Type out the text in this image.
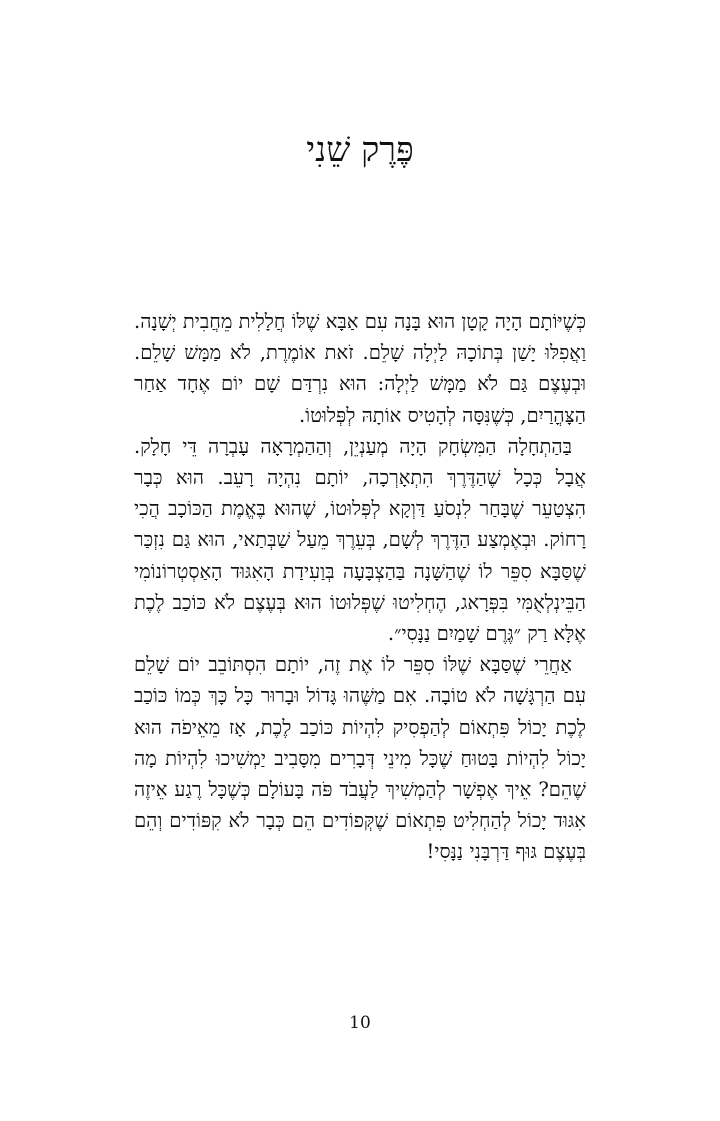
פֶּרֶק שֵׁנִי

כְּשֶׁיּוֹתָם הָיָה קָטָן הוּא בָּנָה עִם אַבָּא שֶׁלּוֹ חֲלָלִית מֵחֲבִית יְשָׁנָה. וַאֲפִלּוּ יָשַׁן בְּתוֹכָהּ לַיְלָה שָׁלֵם. זֹאת אוֹמֶרֶת, לֹא מַמָּשׁ שָׁלֵם. וּבְעֶצֶם גַּם לֹא מַמָּשׁ לַיְלָה: הוּא נִרְדַּם שָׁם יוֹם אֶחָד אַחַר הַצָּהֳרַיִם, כְּשֶׁנִּסָּה לְהָטִיס אוֹתָהּ לְפְּלוּטוֹ.

בַּהַתְחָלָה הַמִּשְׂחָק הָיָה מְעַנְיֵן, וְהַהַמְרָאָה עָבְרָה דֵּי חָלָק. אֲבָל כְּכָל שֶׁהַדֶּרֶךְ הִתְאָרְכָה, יוֹתָם נִהְיָה רָעֵב. הוּא כְּבָר הִצְטַעֵר שֶׁבָּחַר לִנְסֹעַ דַּוְקָא לְפְּלוּטוֹ, שֶׁהוּא בֶּאֱמֶת הַכּוֹכָב הֲכִי רָחוֹק. וּבְאֶמְצַע הַדֶּרֶךְ לְשָׁם, בְּעֵרֶךְ מֵעַל שַׁבְּתַאי, הוּא גַּם נִזְכַּר שֶׁסַּבָּא סִפֵּר לוֹ שֶׁהַשָּׁנָה בַּהַצְבָּעָה בְּוַעִידַת הָאִגּוּד הָאַסְטְרוֹנוֹמִי הַבֵּינְלְאֻמִּי בִּפְּרָאג, הֶחְלִיטוּ שֶׁפְּלוּטוֹ הוּא בְּעֶצֶם לֹא כּוֹכַב לֶכֶת אֶלָּא רַק ״גֶּרֶם שָׁמַיִם נַנָּסִי״.

אַחֲרֵי שֶׁסַּבָּא שֶׁלּוֹ סִפֵּר לוֹ אֶת זֶה, יוֹתָם הִסְתּוֹבֵב יוֹם שָׁלֵם עִם הַרְגָּשָׁה לֹא טוֹבָה. אִם מַשֶּׁהוּ גָּדוֹל וּבָרוּר כָּל כָּךְ כְּמוֹ כּוֹכַב לֶכֶת יָכוֹל פִּתְאוֹם לְהַפְסִיק לִהְיוֹת כּוֹכַב לֶכֶת, אָז מֵאֵיפֹה הוּא יָכוֹל לִהְיוֹת בָּטוּחַ שֶׁכָּל מִינֵי דְּבָרִים מִסָּבִיב יַמְשִׁיכוּ לִהְיוֹת מָה שֶׁהֵם? אֵיךְ אֶפְשָׁר לְהַמְשִׁיךְ לַעֲבֹד פֹּה בָּעוֹלָם כְּשֶׁכָּל רֶגַע אֵיזֶה אִגּוּד יָכוֹל לְהַחְלִיט פִּתְאוֹם שֶׁקְּפוֹדִים הֵם כְּבָר לֹא קִפּוֹדִים וְהֵם בְּעֶצֶם גּוּף דַּרְבָּנִי נַנָּסִי!

10
